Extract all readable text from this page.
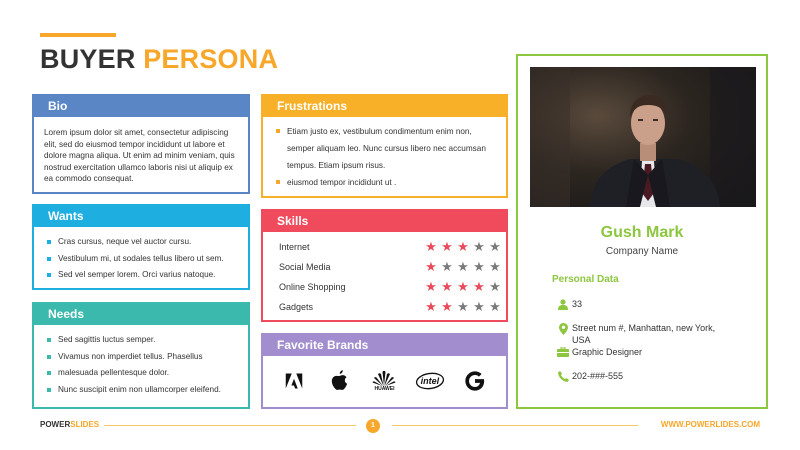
BUYER PERSONA
Bio
Lorem ipsum dolor sit amet, consectetur adipiscing elit, sed do eiusmod tempor incididunt ut labore et dolore magna aliqua. Ut enim ad minim veniam, quis nostrud exercitation ullamco laboris nisi ut aliquip ex ea commodo consequat.
Wants
Cras cursus, neque vel auctor cursu.
Vestibulum mi, ut sodales tellus libero ut sem.
Sed vel semper lorem. Orci varius natoque.
Needs
Sed sagittis luctus semper.
Vivamus non imperdiet tellus. Phasellus
malesuada pellentesque dolor.
Nunc suscipit enim non ullamcorper eleifend.
Frustrations
Etiam justo ex, vestibulum condimentum enim non,
semper aliquam leo. Nunc cursus libero nec accumsan
tempus. Etiam ipsum risus.
eiusmod tempor incididunt ut .
Skills
Internet	★ ★ ★ ★ ★
Social Media	★ ★ ★ ★ ★
Online Shopping	★ ★ ★ ★ ★
Gadgets	★ ★ ★ ★ ★
Favorite Brands
HUAWEI
intel
Gush Mark
Company Name
Personal Data
33
Street num #, Manhattan, new York, USA
Graphic Designer
202-###-555
POWERSLIDES	1	WWW.POWERLIDES.COM
